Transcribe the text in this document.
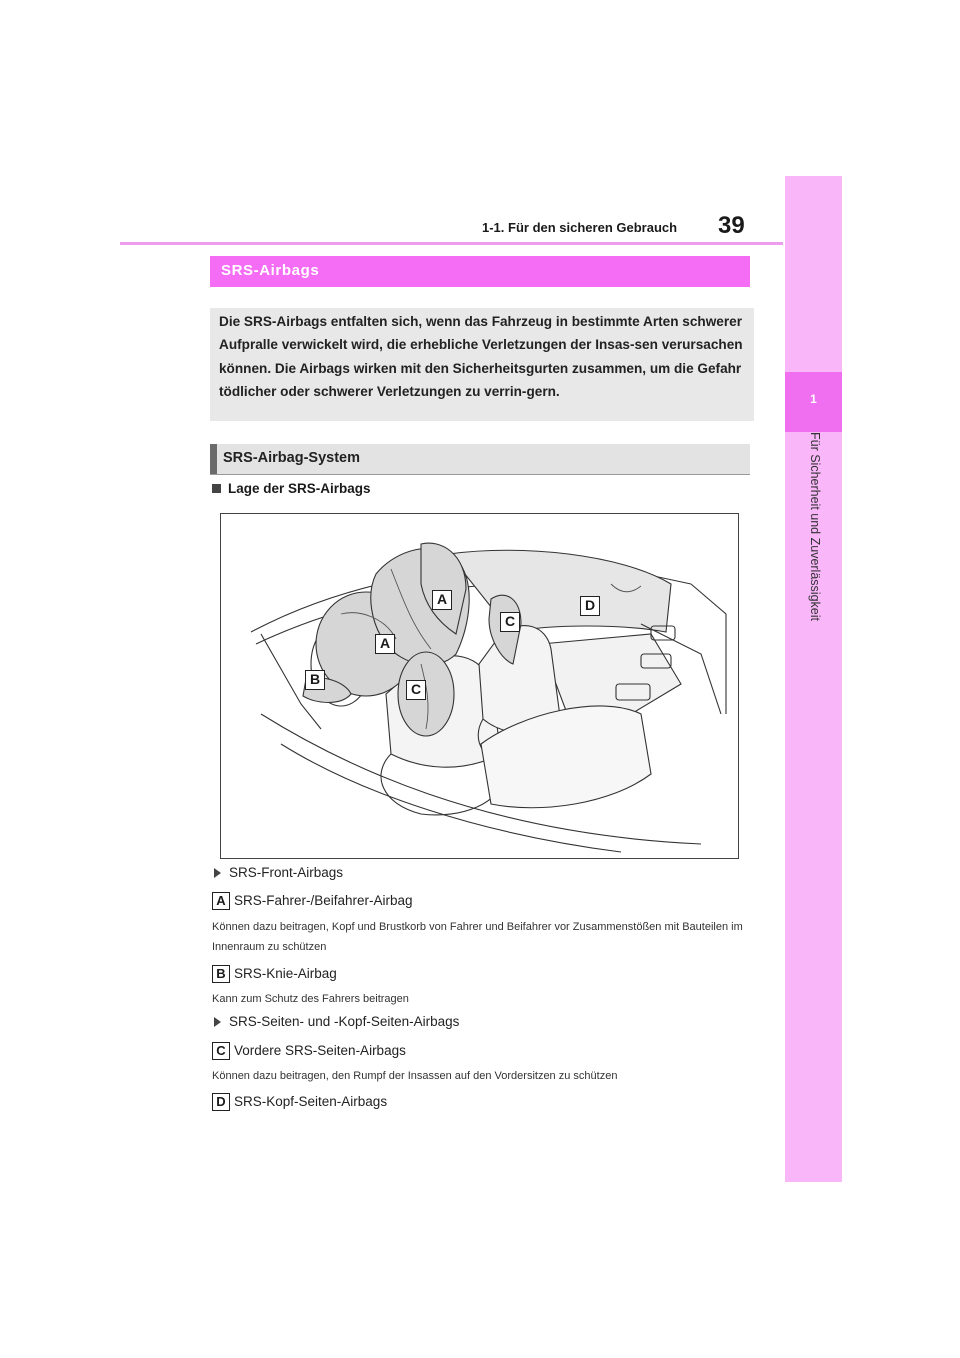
1
Für Sicherheit und Zuverlässigkeit
1-1. Für den sicheren Gebrauch 39
SRS-Airbags
Die SRS-Airbags entfalten sich, wenn das Fahrzeug in bestimmte Arten schwerer Aufpralle verwickelt wird, die erhebliche Verletzungen der Insas-sen verursachen können. Die Airbags wirken mit den Sicherheitsgurten zusammen, um die Gefahr tödlicher oder schwerer Verletzungen zu verrin-gern.
SRS-Airbag-System
Lage der SRS-Airbags
A
A
B
C
C
D
SRS-Front-Airbags
A SRS-Fahrer-/Beifahrer-Airbag
Können dazu beitragen, Kopf und Brustkorb von Fahrer und Beifahrer vor Zusammenstößen mit Bauteilen im Innenraum zu schützen
B SRS-Knie-Airbag
Kann zum Schutz des Fahrers beitragen
SRS-Seiten- und -Kopf-Seiten-Airbags
C Vordere SRS-Seiten-Airbags
Können dazu beitragen, den Rumpf der Insassen auf den Vordersitzen zu schützen
D SRS-Kopf-Seiten-Airbags
